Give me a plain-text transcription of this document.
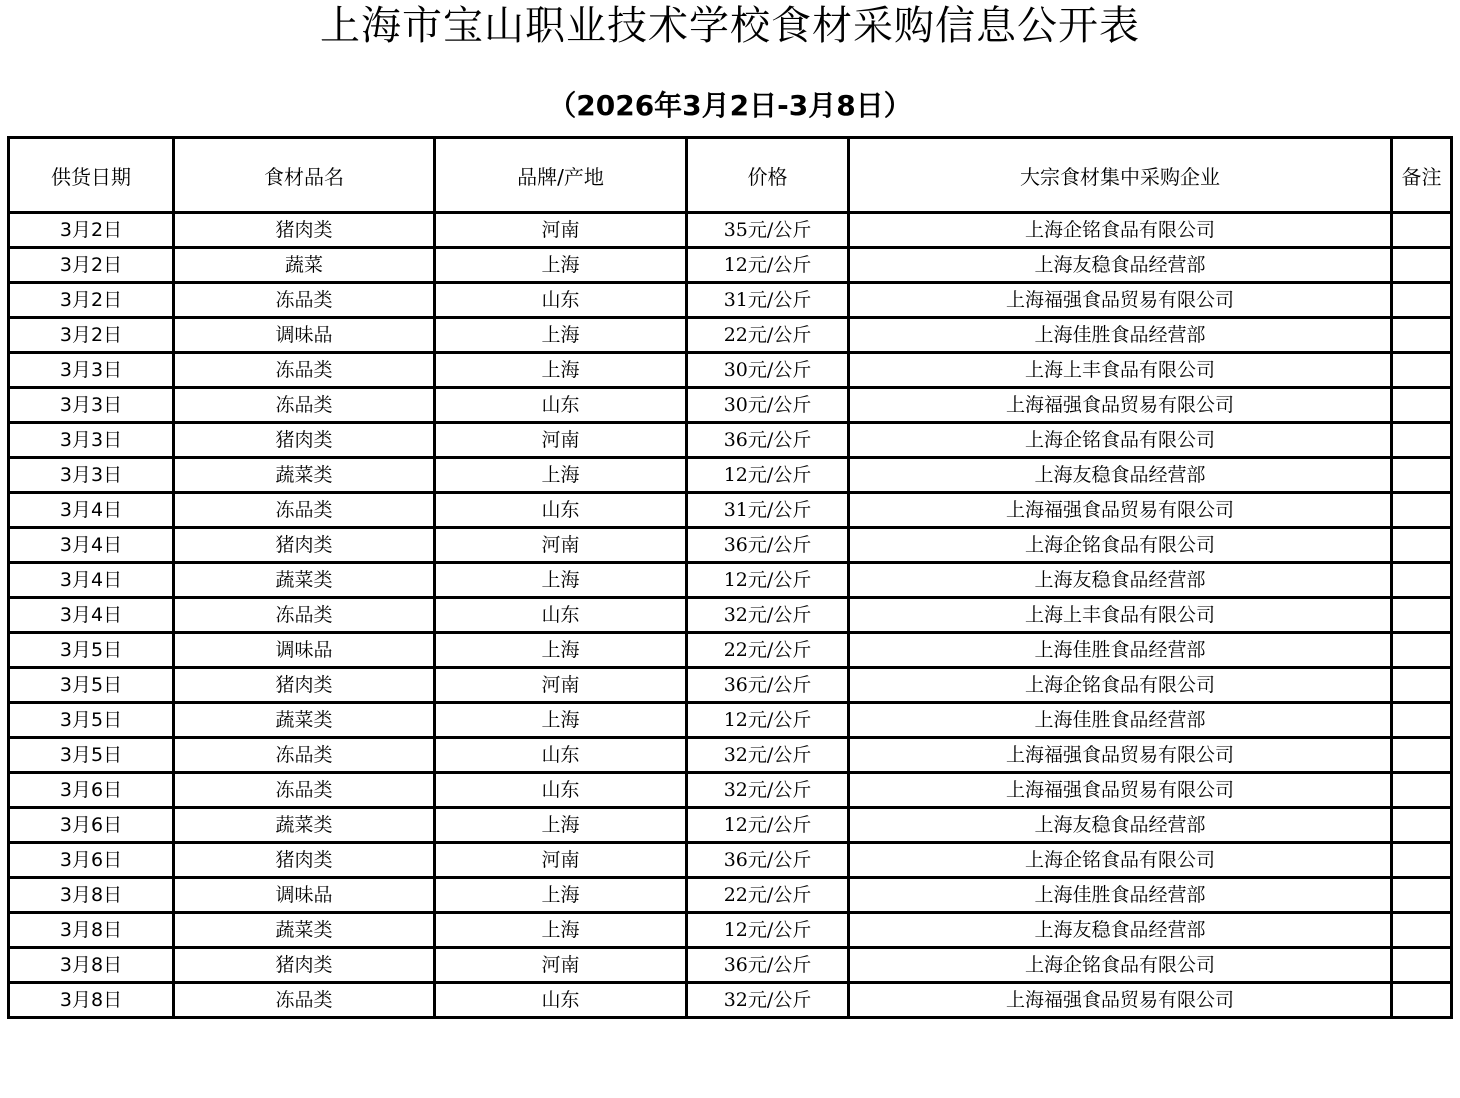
上海市宝山职业技术学校食材采购信息公开表
（2026年3月2日-3月8日）
供货日期	食材品名	品牌/产地	价格	大宗食材集中采购企业	备注
3月2日	猪肉类	河南	35元/公斤	上海企铭食品有限公司	
3月2日	蔬菜	上海	12元/公斤	上海友稳食品经营部	
3月2日	冻品类	山东	31元/公斤	上海福强食品贸易有限公司	
3月2日	调味品	上海	22元/公斤	上海佳胜食品经营部	
3月3日	冻品类	上海	30元/公斤	上海上丰食品有限公司	
3月3日	冻品类	山东	30元/公斤	上海福强食品贸易有限公司	
3月3日	猪肉类	河南	36元/公斤	上海企铭食品有限公司	
3月3日	蔬菜类	上海	12元/公斤	上海友稳食品经营部	
3月4日	冻品类	山东	31元/公斤	上海福强食品贸易有限公司	
3月4日	猪肉类	河南	36元/公斤	上海企铭食品有限公司	
3月4日	蔬菜类	上海	12元/公斤	上海友稳食品经营部	
3月4日	冻品类	山东	32元/公斤	上海上丰食品有限公司	
3月5日	调味品	上海	22元/公斤	上海佳胜食品经营部	
3月5日	猪肉类	河南	36元/公斤	上海企铭食品有限公司	
3月5日	蔬菜类	上海	12元/公斤	上海佳胜食品经营部	
3月5日	冻品类	山东	32元/公斤	上海福强食品贸易有限公司	
3月6日	冻品类	山东	32元/公斤	上海福强食品贸易有限公司	
3月6日	蔬菜类	上海	12元/公斤	上海友稳食品经营部	
3月6日	猪肉类	河南	36元/公斤	上海企铭食品有限公司	
3月8日	调味品	上海	22元/公斤	上海佳胜食品经营部	
3月8日	蔬菜类	上海	12元/公斤	上海友稳食品经营部	
3月8日	猪肉类	河南	36元/公斤	上海企铭食品有限公司	
3月8日	冻品类	山东	32元/公斤	上海福强食品贸易有限公司	
